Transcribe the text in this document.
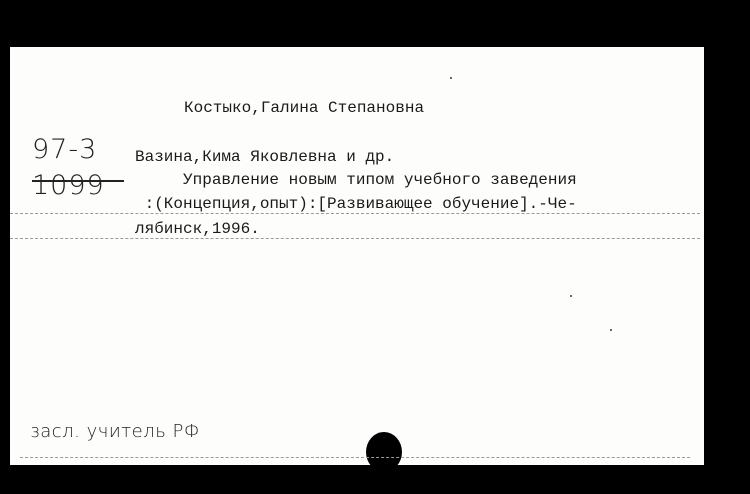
Костыко,Галина Степановна
97-3
1099
Вазина,Кима Яковлевна и др.
Управление новым типом учебного заведения
:(Концепция,опыт):[Развивающее обучение].-Че-
лябинск,1996.
засл. учитель РФ
